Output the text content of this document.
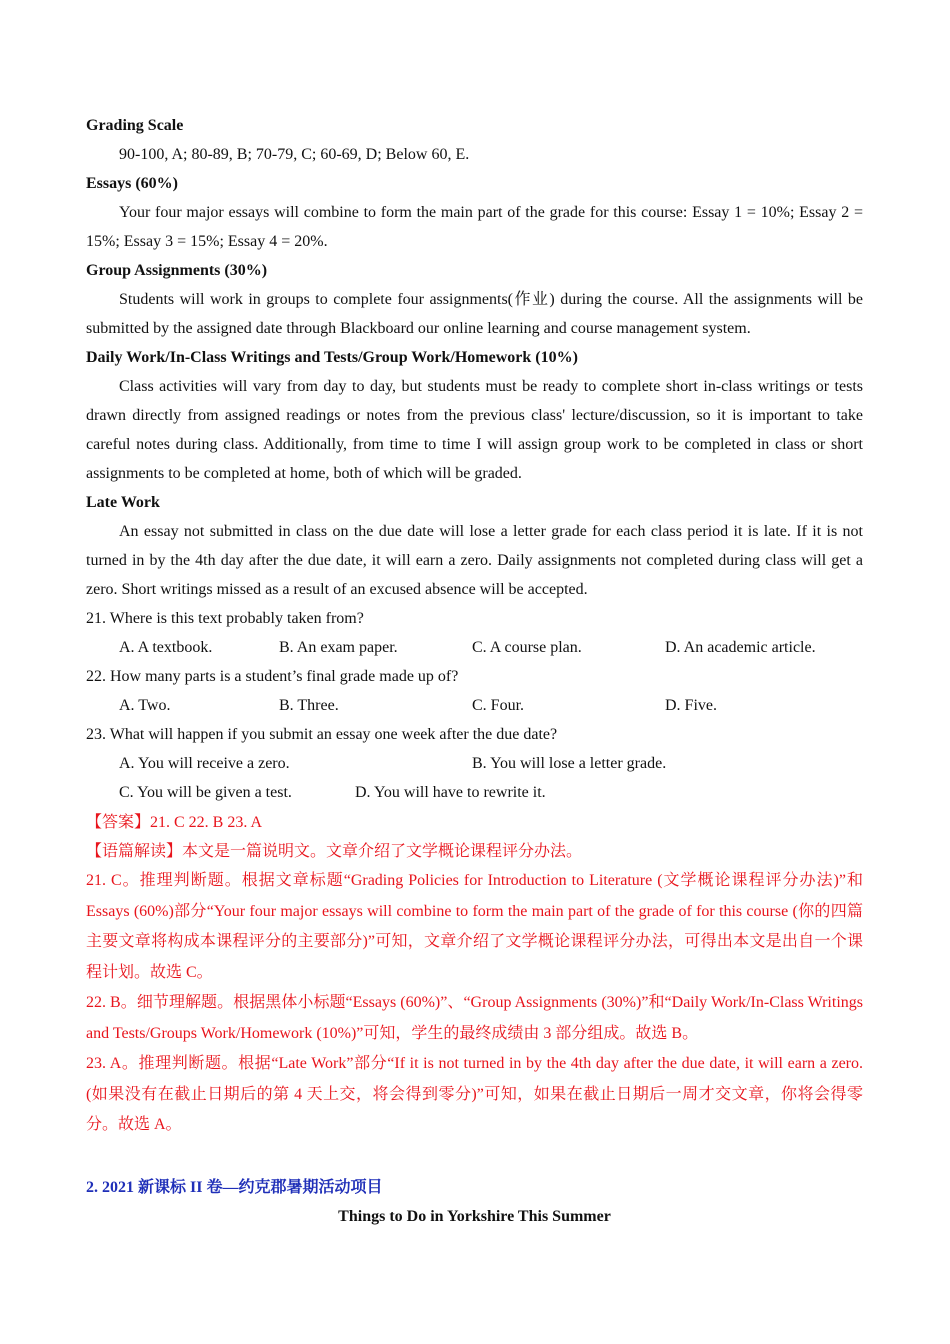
Grading Scale
90-100, A; 80-89, B; 70-79, C; 60-69, D; Below 60, E.
Essays (60%)
Your four major essays will combine to form the main part of the grade for this course: Essay 1 = 10%; Essay 2 = 15%; Essay 3 = 15%; Essay 4 = 20%.
Group Assignments (30%)
Students will work in groups to complete four assignments(作业) during the course. All the assignments will be submitted by the assigned date through Blackboard our online learning and course management system.
Daily Work/In-Class Writings and Tests/Group Work/Homework (10%)
Class activities will vary from day to day, but students must be ready to complete short in-class writings or tests drawn directly from assigned readings or notes from the previous class' lecture/discussion, so it is important to take careful notes during class. Additionally, from time to time I will assign group work to be completed in class or short assignments to be completed at home, both of which will be graded.
Late Work
An essay not submitted in class on the due date will lose a letter grade for each class period it is late. If it is not turned in by the 4th day after the due date, it will earn a zero. Daily assignments not completed during class will get a zero. Short writings missed as a result of an excused absence will be accepted.
21. Where is this text probably taken from?
A. A textbook.	B. An exam paper.	C. A course plan.	D. An academic article.
22. How many parts is a student’s final grade made up of?
A. Two.	B. Three.	C. Four.	D. Five.
23. What will happen if you submit an essay one week after the due date?
A. You will receive a zero.	B. You will lose a letter grade.
C. You will be given a test.	D. You will have to rewrite it.
【答案】21. C 22. B 23. A
【语篇解读】本文是一篇说明文。文章介绍了文学概论课程评分办法。
21. C。推理判断题。根据文章标题“Grading Policies for Introduction to Literature (文学概论课程评分办法)”和 Essays (60%)部分“Your four major essays will combine to form the main part of the grade of for this course (你的四篇主要文章将构成本课程评分的主要部分)”可知，文章介绍了文学概论课程评分办法，可得出本文是出自一个课程计划。故选 C。
22. B。细节理解题。根据黑体小标题“Essays (60%)”、“Group Assignments (30%)”和“Daily Work/In-Class Writings and Tests/Groups Work/Homework (10%)”可知，学生的最终成绩由 3 部分组成。故选 B。
23. A。推理判断题。根据“Late Work”部分“If it is not turned in by the 4th day after the due date, it will earn a zero. (如果没有在截止日期后的第 4 天上交，将会得到零分)”可知，如果在截止日期后一周才交文章，你将会得零分。故选 A。
2. 2021 新课标 II 卷—约克郡暑期活动项目
Things to Do in Yorkshire This Summer
